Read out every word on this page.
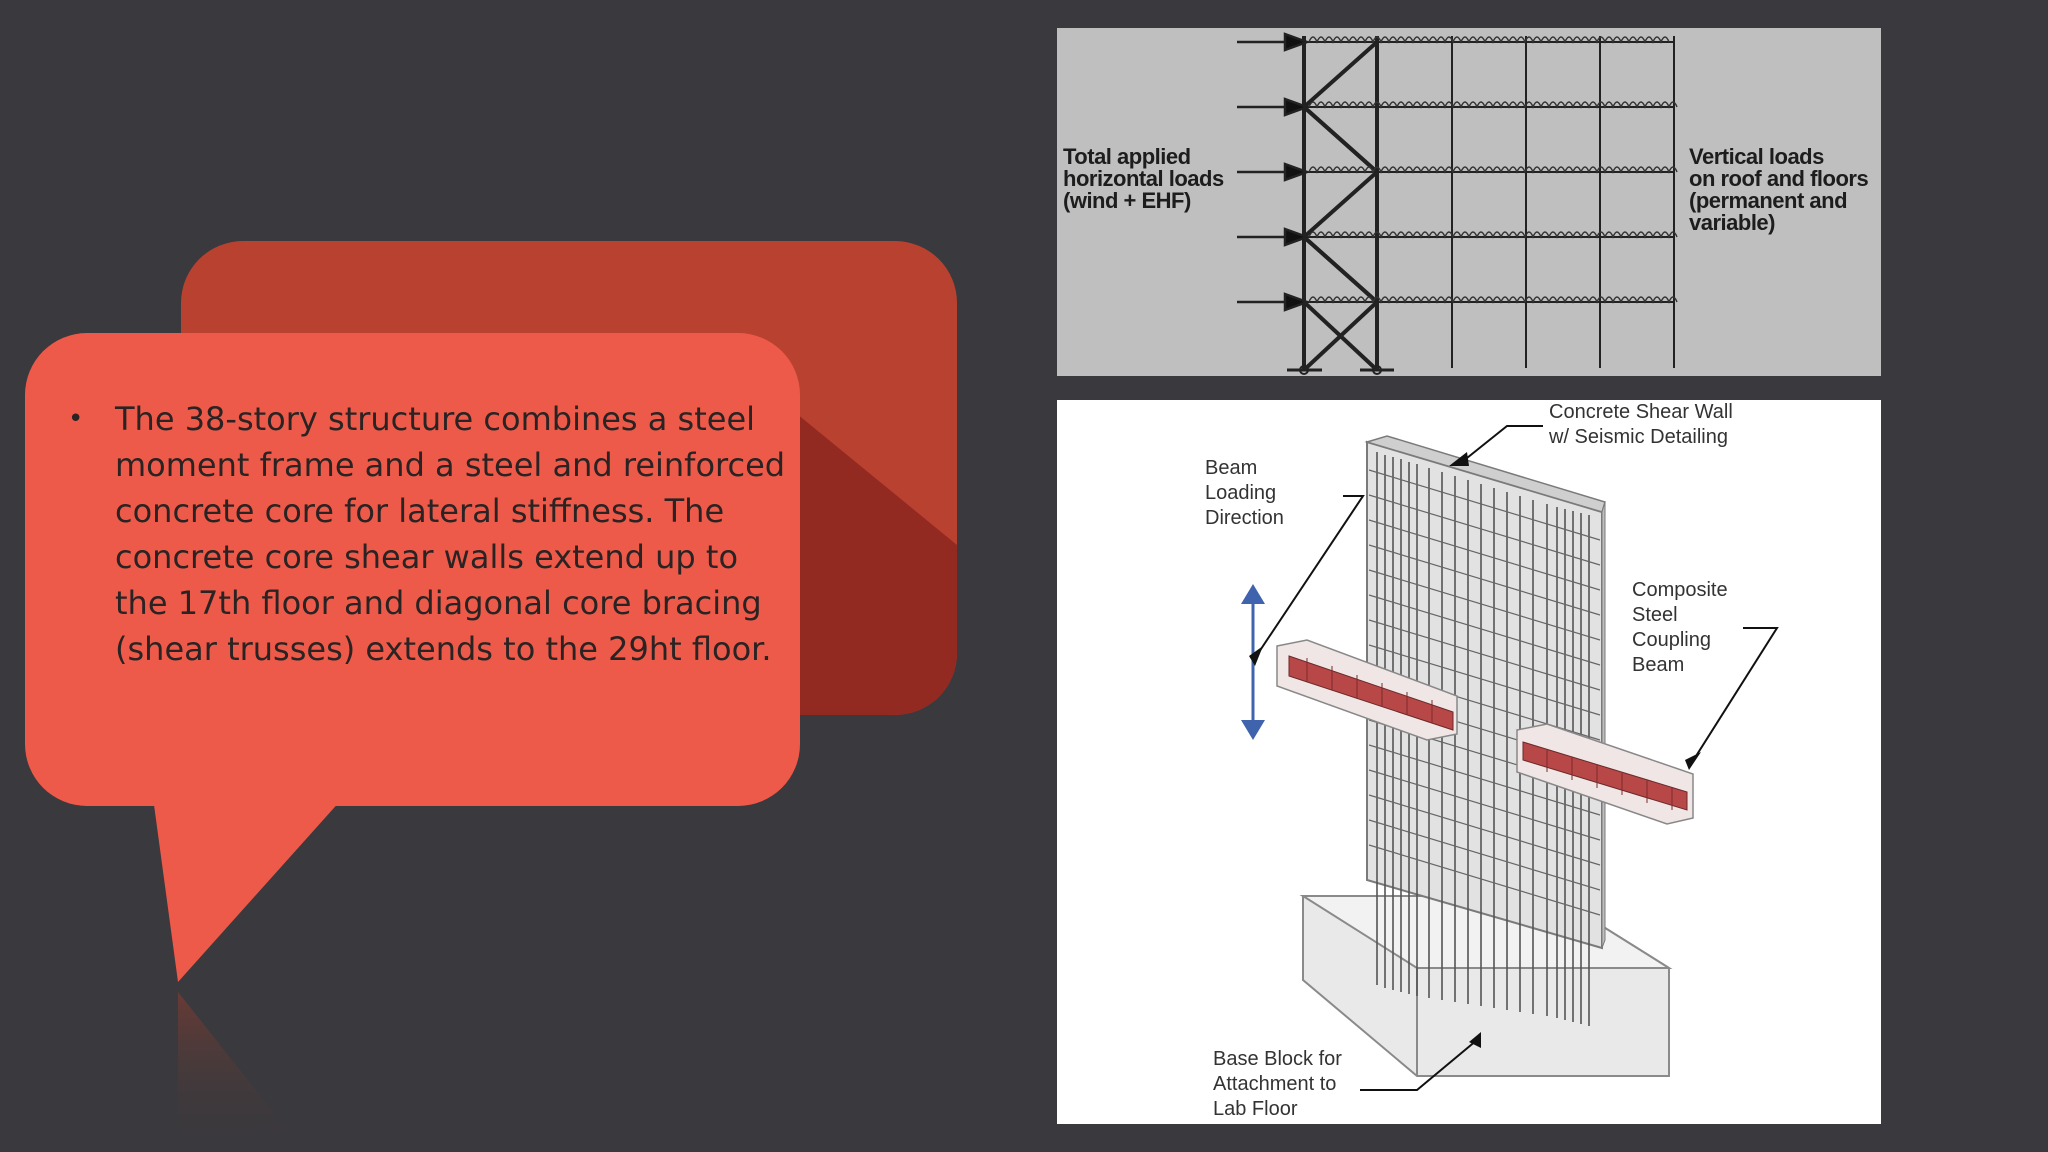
• The 38-story structure combines a steel moment frame and a steel and reinforced concrete core for lateral stiffness. The concrete core shear walls extend up to the 17th floor and diagonal core bracing (shear trusses) extends to the 29ht floor.
Total applied
horizontal loads
(wind + EHF)
Vertical loads
on roof and floors
(permanent and
variable)
Concrete Shear Wall
w/ Seismic Detailing
Beam
Loading
Direction
Composite
Steel
Coupling
Beam
Base Block for
Attachment to
Lab Floor
